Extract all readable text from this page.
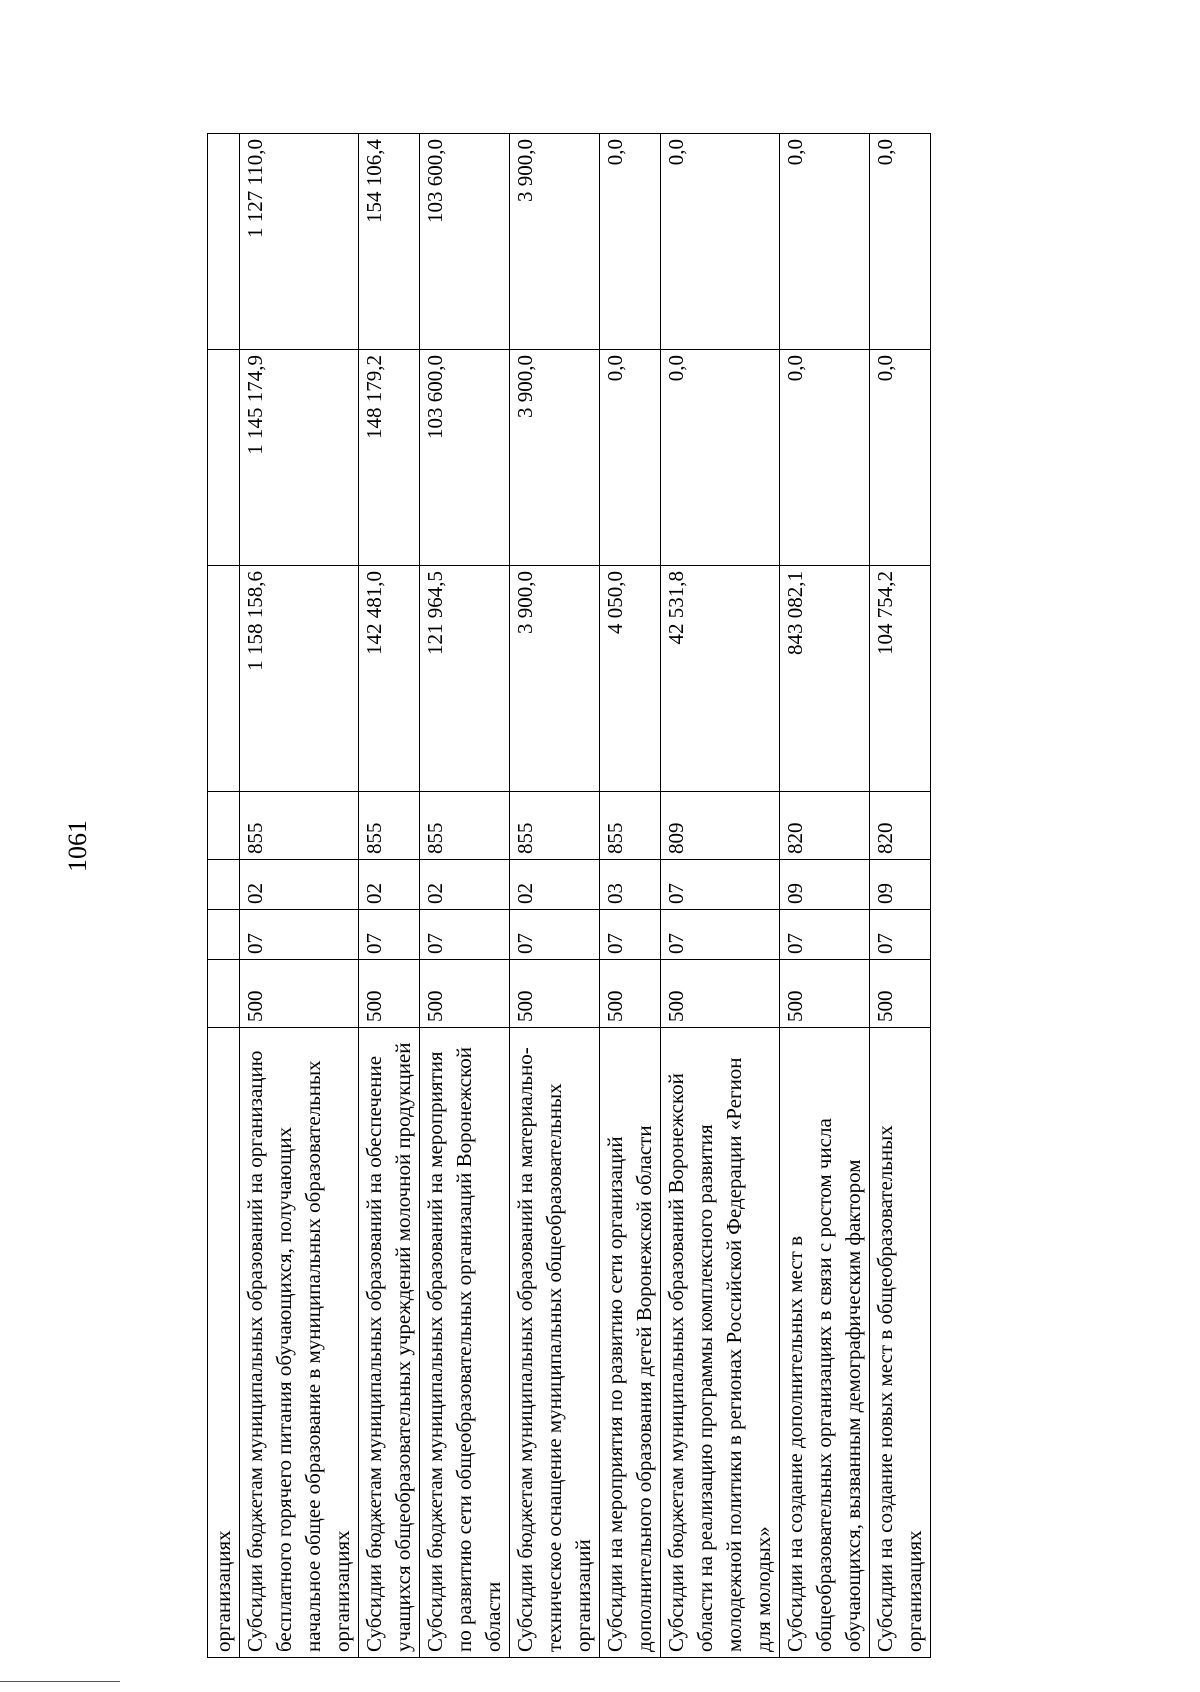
1061
организациях							
Субсидии бюджетам муниципальных образований на организацию бесплатного горячего питания обучающихся, получающих начальное общее образование в муниципальных образовательных организациях	500	07	02	855	1 158 158,6	1 145 174,9	1 127 110,0
Субсидии бюджетам муниципальных образований на обеспечение учащихся общеобразовательных учреждений молочной продукцией	500	07	02	855	142 481,0	148 179,2	154 106,4
Субсидии бюджетам муниципальных образований на мероприятия по развитию сети общеобразовательных организаций Воронежской области	500	07	02	855	121 964,5	103 600,0	103 600,0
Субсидии бюджетам муниципальных образований на материально-техническое оснащение муниципальных общеобразовательных организаций	500	07	02	855	3 900,0	3 900,0	3 900,0
Субсидии на мероприятия по развитию сети организаций дополнительного образования детей Воронежской области	500	07	03	855	4 050,0	0,0	0,0
Субсидии бюджетам муниципальных образований Воронежской области на реализацию программы комплексного развития молодежной политики в регионах Российской Федерации «Регион для молодых»	500	07	07	809	42 531,8	0,0	0,0
Субсидии на создание дополнительных мест в общеобразовательных организациях в связи с ростом числа обучающихся, вызванным демографическим фактором	500	07	09	820	843 082,1	0,0	0,0
Субсидии на создание новых мест в общеобразовательных организациях	500	07	09	820	104 754,2	0,0	0,0
